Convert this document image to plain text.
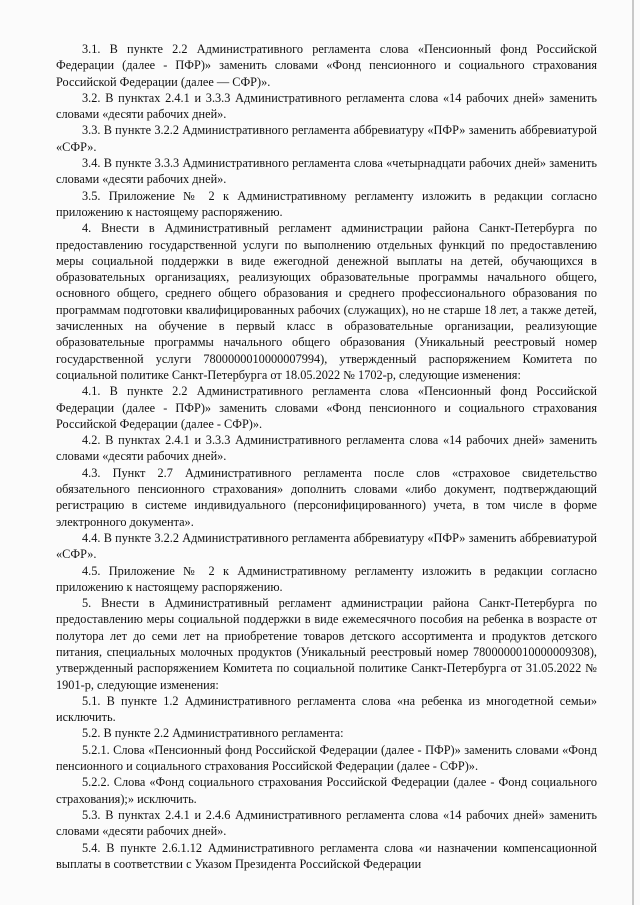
3.1. В пункте 2.2 Административного регламента слова «Пенсионный фонд Российской Федерации (далее - ПФР)» заменить словами «Фонд пенсионного и социального страхования Российской Федерации (далее — СФР)».

3.2. В пунктах 2.4.1 и 3.3.3 Административного регламента слова «14 рабочих дней» заменить словами «десяти рабочих дней».

3.3. В пункте 3.2.2 Административного регламента аббревиатуру «ПФР» заменить аббревиатурой «СФР».

3.4. В пункте 3.3.3 Административного регламента слова «четырнадцати рабочих дней» заменить словами «десяти рабочих дней».

3.5. Приложение № 2 к Административному регламенту изложить в редакции согласно приложению к настоящему распоряжению.

4. Внести в Административный регламент администрации района Санкт-Петербурга по предоставлению государственной услуги по выполнению отдельных функций по предоставлению меры социальной поддержки в виде ежегодной денежной выплаты на детей, обучающихся в образовательных организациях, реализующих образовательные программы начального общего, основного общего, среднего общего образования и среднего профессионального образования по программам подготовки квалифицированных рабочих (служащих), но не старше 18 лет, а также детей, зачисленных на обучение в первый класс в образовательные организации, реализующие образовательные программы начального общего образования (Уникальный реестровый номер государственной услуги 7800000010000007994), утвержденный распоряжением Комитета по социальной политике Санкт-Петербурга от 18.05.2022 № 1702-р, следующие изменения:

4.1. В пункте 2.2 Административного регламента слова «Пенсионный фонд Российской Федерации (далее - ПФР)» заменить словами «Фонд пенсионного и социального страхования Российской Федерации (далее - СФР)».

4.2. В пунктах 2.4.1 и 3.3.3 Административного регламента слова «14 рабочих дней» заменить словами «десяти рабочих дней».

4.3. Пункт 2.7 Административного регламента после слов «страховое свидетельство обязательного пенсионного страхования» дополнить словами «либо документ, подтверждающий регистрацию в системе индивидуального (персонифицированного) учета, в том числе в форме электронного документа».

4.4. В пункте 3.2.2 Административного регламента аббревиатуру «ПФР» заменить аббревиатурой «СФР».

4.5. Приложение № 2 к Административному регламенту изложить в редакции согласно приложению к настоящему распоряжению.

5. Внести в Административный регламент администрации района Санкт-Петербурга по предоставлению меры социальной поддержки в виде ежемесячного пособия на ребенка в возрасте от полутора лет до семи лет на приобретение товаров детского ассортимента и продуктов детского питания, специальных молочных продуктов (Уникальный реестровый номер 7800000010000009308), утвержденный распоряжением Комитета по социальной политике Санкт-Петербурга от 31.05.2022 № 1901-р, следующие изменения:

5.1. В пункте 1.2 Административного регламента слова «на ребенка из многодетной семьи» исключить.

5.2. В пункте 2.2 Административного регламента:

5.2.1. Слова «Пенсионный фонд Российской Федерации (далее - ПФР)» заменить словами «Фонд пенсионного и социального страхования Российской Федерации (далее - СФР)».

5.2.2. Слова «Фонд социального страхования Российской Федерации (далее - Фонд социального страхования);» исключить.

5.3. В пунктах 2.4.1 и 2.4.6 Административного регламента слова «14 рабочих дней» заменить словами «десяти рабочих дней».

5.4. В пункте 2.6.1.12 Административного регламента слова «и назначении компенсационной выплаты в соответствии с Указом Президента Российской Федерации
